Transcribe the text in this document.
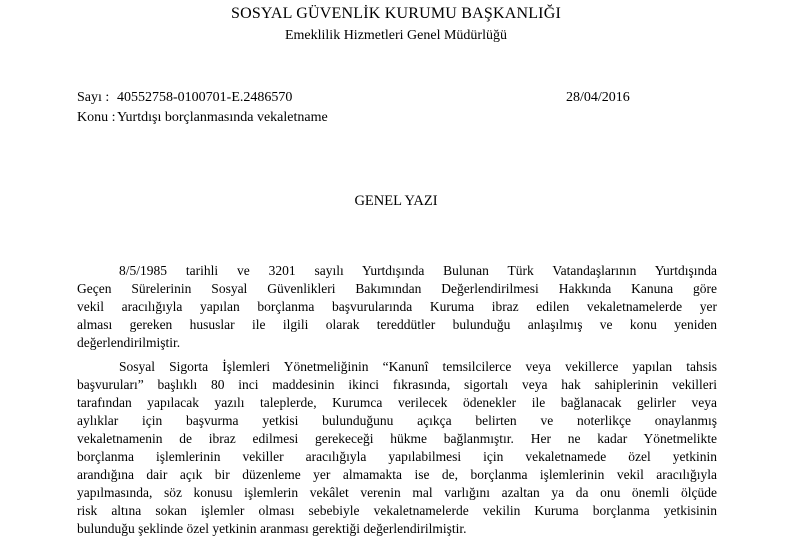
SOSYAL GÜVENLİK KURUMU BAŞKANLIĞI
Emeklilik Hizmetleri Genel Müdürlüğü
Sayı : 40552758-0100701-E.2486570	28/04/2016
Konu : Yurtdışı borçlanmasında vekaletname
GENEL YAZI
8/5/1985 tarihli ve 3201 sayılı Yurtdışında Bulunan Türk Vatandaşlarının Yurtdışında
Geçen Sürelerinin Sosyal Güvenlikleri Bakımından Değerlendirilmesi Hakkında Kanuna göre
vekil aracılığıyla yapılan borçlanma başvurularında Kuruma ibraz edilen vekaletnamelerde yer
alması gereken hususlar ile ilgili olarak tereddütler bulunduğu anlaşılmış ve konu yeniden
değerlendirilmiştir.
Sosyal Sigorta İşlemleri Yönetmeliğinin “Kanunî temsilcilerce veya vekillerce yapılan tahsis
başvuruları” başlıklı 80 inci maddesinin ikinci fıkrasında, sigortalı veya hak sahiplerinin vekilleri
tarafından yapılacak yazılı taleplerde, Kurumca verilecek ödenekler ile bağlanacak gelirler veya
aylıklar için başvurma yetkisi bulunduğunu açıkça belirten ve noterlikçe onaylanmış
vekaletnamenin de ibraz edilmesi gerekeceği hükme bağlanmıştır. Her ne kadar Yönetmelikte
borçlanma işlemlerinin vekiller aracılığıyla yapılabilmesi için vekaletnamede özel yetkinin
arandığına dair açık bir düzenleme yer almamakta ise de, borçlanma işlemlerinin vekil aracılığıyla
yapılmasında, söz konusu işlemlerin vekâlet verenin mal varlığını azaltan ya da onu önemli ölçüde
risk altına sokan işlemler olması sebebiyle vekaletnamelerde vekilin Kuruma borçlanma yetkisinin
bulunduğu şeklinde özel yetkinin aranması gerektiği değerlendirilmiştir.
